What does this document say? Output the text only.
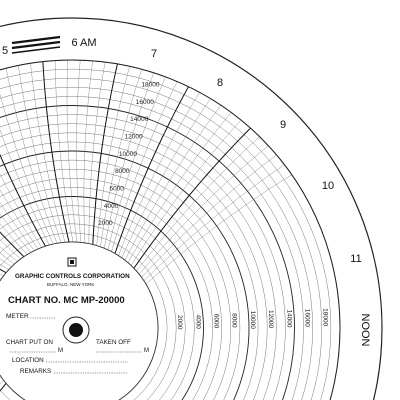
5
6 AM
7
8
9
10
11
NOON
2000
4000
6000
8000
10000
12000
14000
16000
18000
2000 4000 6000 8000 10000 12000 14000 16000 18000
GRAPHIC CONTROLS CORPORATION
BUFFALO, NEW YORK
CHART NO. MC MP-20000
METER
CHART PUT ON	TAKEN OFF
M	M
LOCATION
REMARKS
